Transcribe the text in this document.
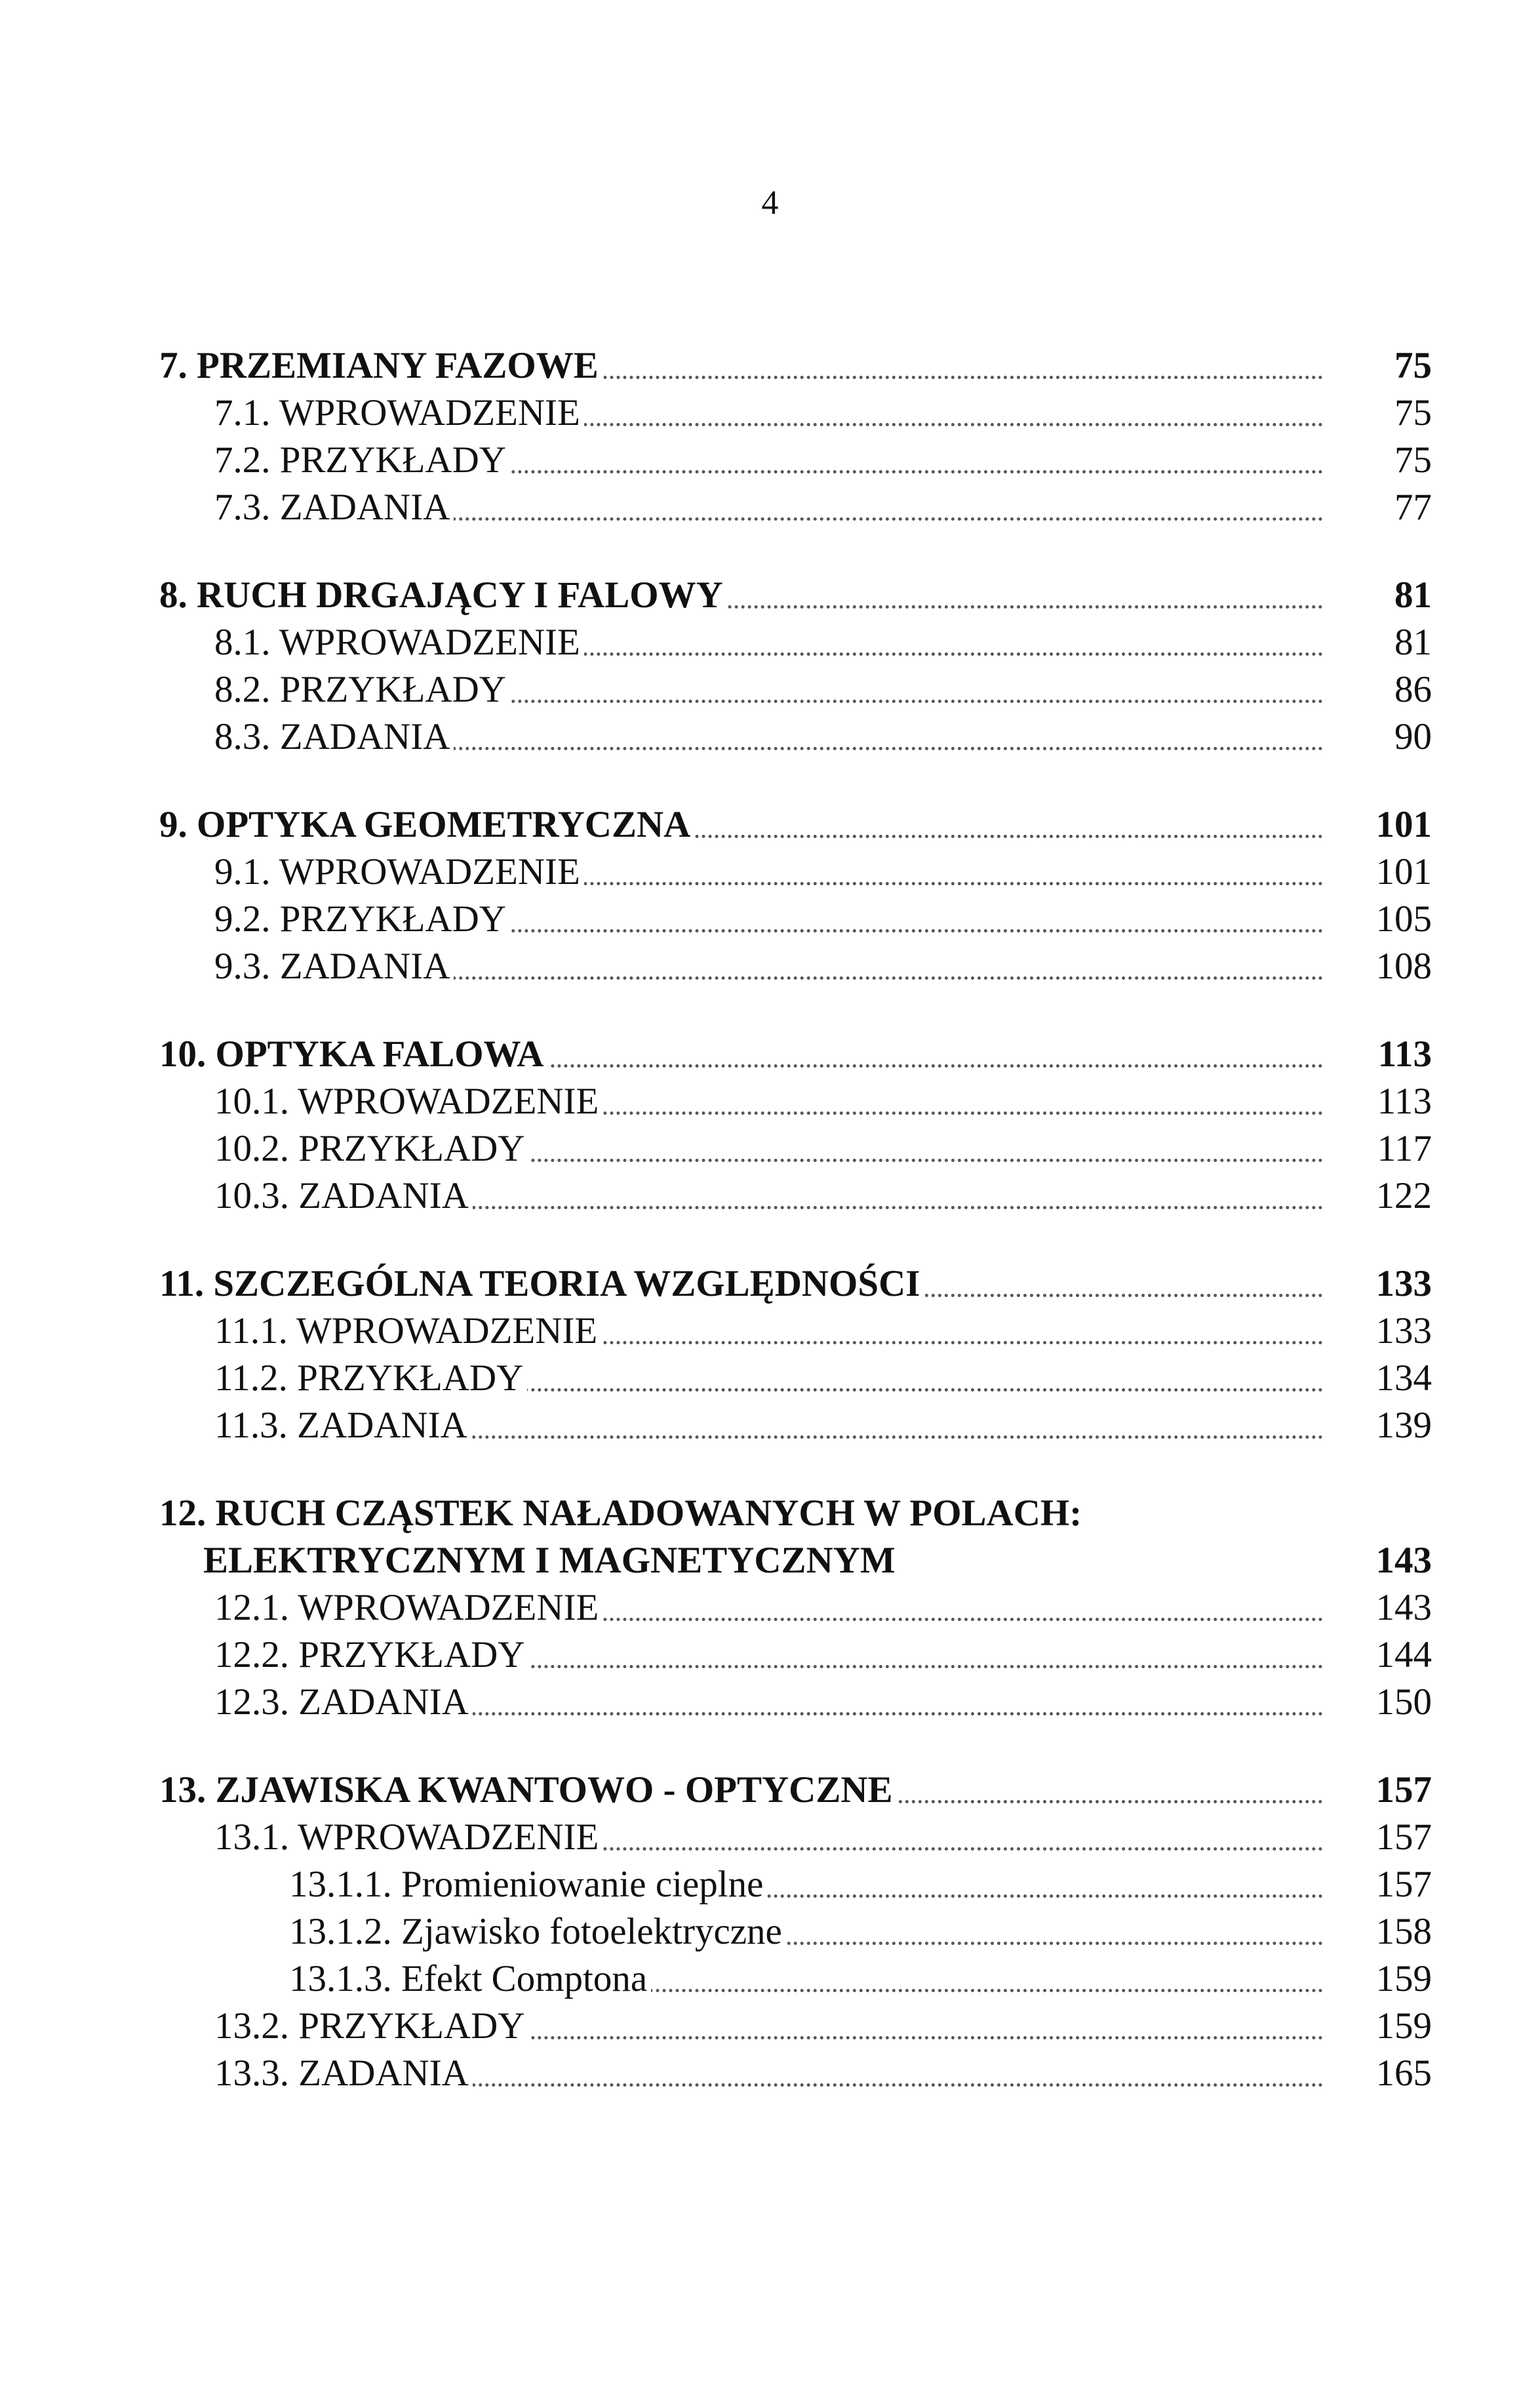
4
7. PRZEMIANY FAZOWE	75
7.1. WPROWADZENIE	75
7.2. PRZYKŁADY	75
7.3. ZADANIA	77
8. RUCH DRGAJĄCY I FALOWY	81
8.1. WPROWADZENIE	81
8.2. PRZYKŁADY	86
8.3. ZADANIA	90
9. OPTYKA GEOMETRYCZNA	101
9.1. WPROWADZENIE	101
9.2. PRZYKŁADY	105
9.3. ZADANIA	108
10. OPTYKA FALOWA	113
10.1. WPROWADZENIE	113
10.2. PRZYKŁADY	117
10.3. ZADANIA	122
11. SZCZEGÓLNA TEORIA WZGLĘDNOŚCI	133
11.1. WPROWADZENIE	133
11.2. PRZYKŁADY	134
11.3. ZADANIA	139
12. RUCH CZĄSTEK NAŁADOWANYCH W POLACH:
ELEKTRYCZNYM I MAGNETYCZNYM	143
12.1. WPROWADZENIE	143
12.2. PRZYKŁADY	144
12.3. ZADANIA	150
13. ZJAWISKA KWANTOWO - OPTYCZNE	157
13.1. WPROWADZENIE	157
13.1.1. Promieniowanie cieplne	157
13.1.2. Zjawisko fotoelektryczne	158
13.1.3. Efekt Comptona	159
13.2. PRZYKŁADY	159
13.3. ZADANIA	165
